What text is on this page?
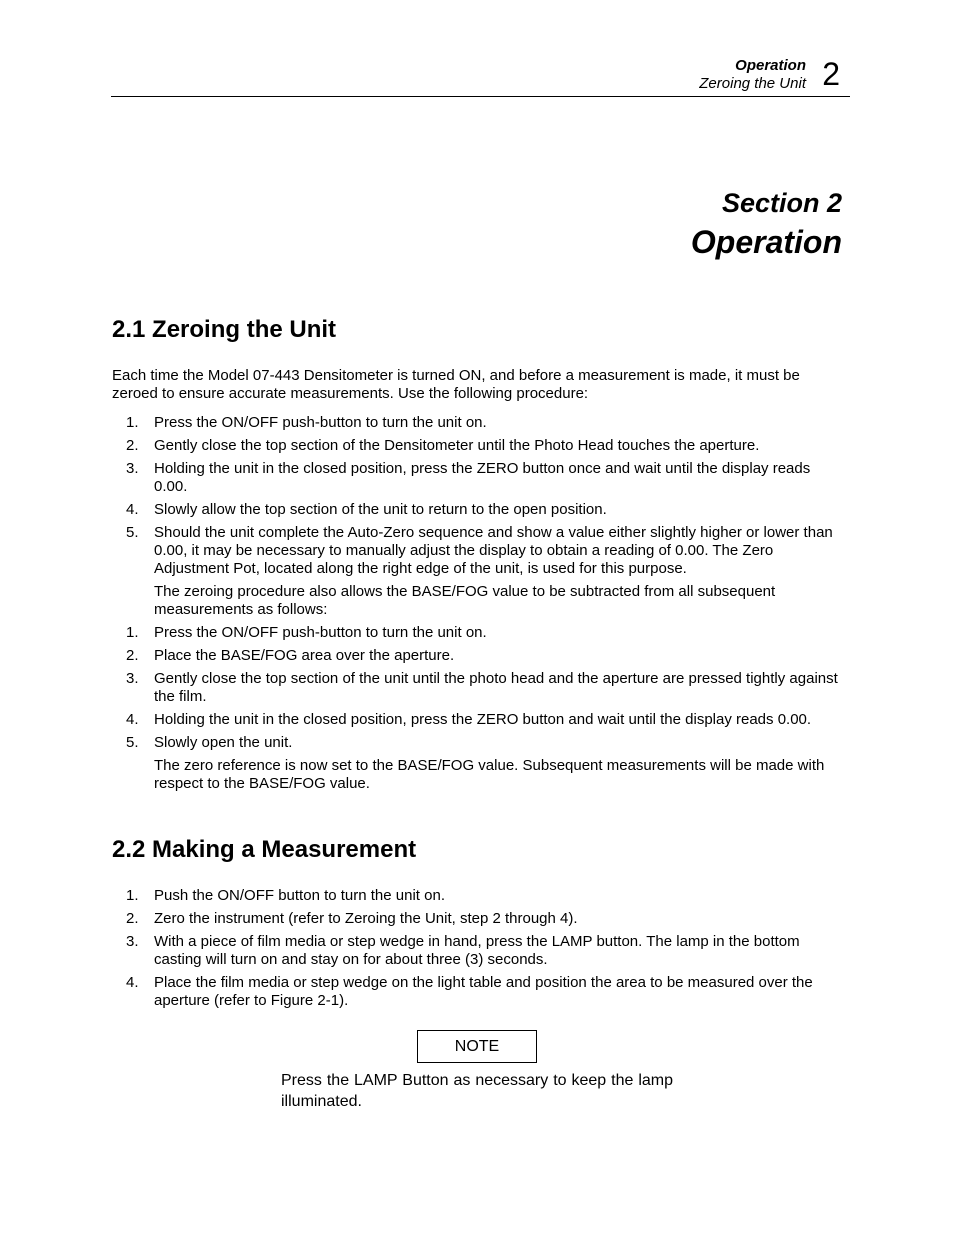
Operation
Zeroing the Unit 2
Section 2
Operation
2.1 Zeroing the Unit

Each time the Model 07-443 Densitometer is turned ON, and before a measurement is made, it must be zeroed to ensure accurate measurements. Use the following procedure:

1. Press the ON/OFF push-button to turn the unit on.
2. Gently close the top section of the Densitometer until the Photo Head touches the aperture.
3. Holding the unit in the closed position, press the ZERO button once and wait until the display reads 0.00.
4. Slowly allow the top section of the unit to return to the open position.
5. Should the unit complete the Auto-Zero sequence and show a value either slightly higher or lower than 0.00, it may be necessary to manually adjust the display to obtain a reading of 0.00. The Zero Adjustment Pot, located along the right edge of the unit, is used for this purpose.
The zeroing procedure also allows the BASE/FOG value to be subtracted from all subsequent measurements as follows:
1. Press the ON/OFF push-button to turn the unit on.
2. Place the BASE/FOG area over the aperture.
3. Gently close the top section of the unit until the photo head and the aperture are pressed tightly against the film.
4. Holding the unit in the closed position, press the ZERO button and wait until the display reads 0.00.
5. Slowly open the unit.
The zero reference is now set to the BASE/FOG value. Subsequent measurements will be made with respect to the BASE/FOG value.
2.2 Making a Measurement
1. Push the ON/OFF button to turn the unit on.
2. Zero the instrument (refer to Zeroing the Unit, step 2 through 4).
3. With a piece of film media or step wedge in hand, press the LAMP button. The lamp in the bottom casting will turn on and stay on for about three (3) seconds.
4. Place the film media or step wedge on the light table and position the area to be measured over the aperture (refer to Figure 2-1).
NOTE

Press the LAMP Button as necessary to keep the lamp illuminated.
